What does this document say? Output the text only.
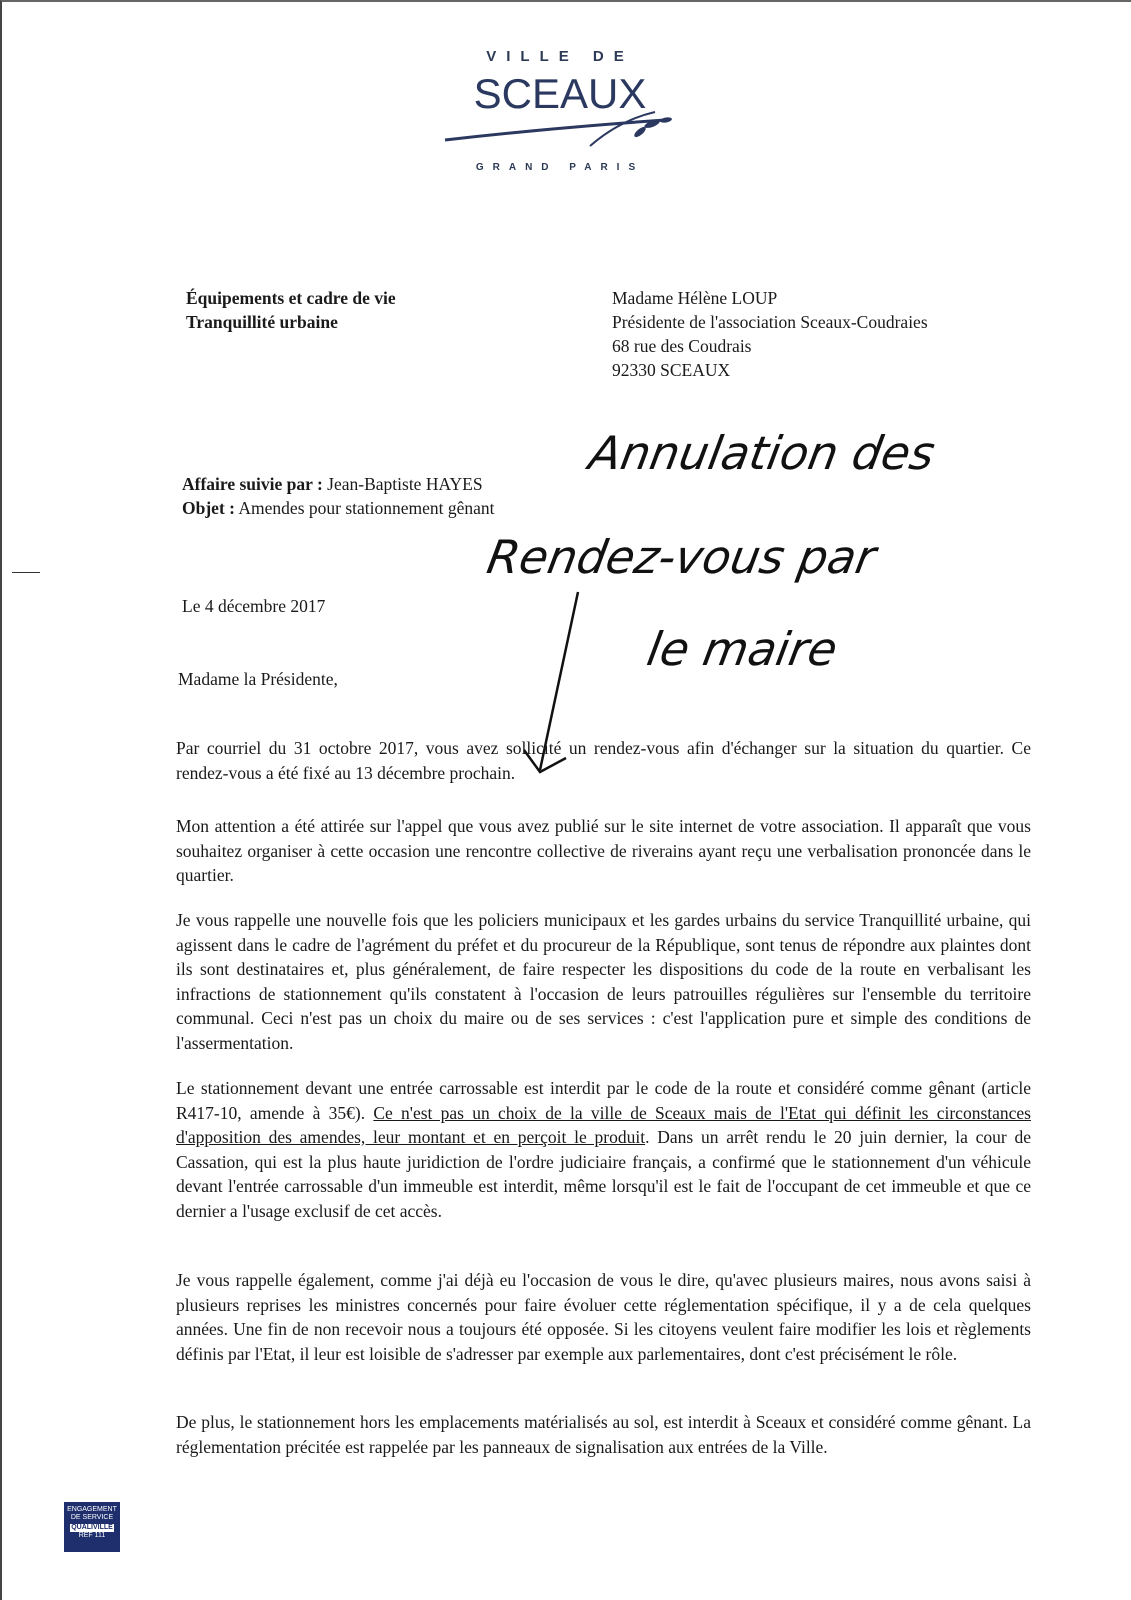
VILLE DE
SCEAUX
GRAND PARIS
Équipements et cadre de vie
Tranquillité urbaine
Madame Hélène LOUP
Présidente de l'association Sceaux-Coudraies
68 rue des Coudrais
92330 SCEAUX
Affaire suivie par : Jean-Baptiste HAYES
Objet : Amendes pour stationnement gênant
Annulation des
Rendez-vous par
le maire
Le 4 décembre 2017
Madame la Présidente,
Par courriel du 31 octobre 2017, vous avez sollicité un rendez-vous afin d'échanger sur la situation du quartier. Ce rendez-vous a été fixé au 13 décembre prochain.
Mon attention a été attirée sur l'appel que vous avez publié sur le site internet de votre association. Il apparaît que vous souhaitez organiser à cette occasion une rencontre collective de riverains ayant reçu une verbalisation prononcée dans le quartier.
Je vous rappelle une nouvelle fois que les policiers municipaux et les gardes urbains du service Tranquillité urbaine, qui agissent dans le cadre de l'agrément du préfet et du procureur de la République, sont tenus de répondre aux plaintes dont ils sont destinataires et, plus généralement, de faire respecter les dispositions du code de la route en verbalisant les infractions de stationnement qu'ils constatent à l'occasion de leurs patrouilles régulières sur l'ensemble du territoire communal. Ceci n'est pas un choix du maire ou de ses services : c'est l'application pure et simple des conditions de l'assermentation.
Le stationnement devant une entrée carrossable est interdit par le code de la route et considéré comme gênant (article R417-10, amende à 35€). Ce n'est pas un choix de la ville de Sceaux mais de l'Etat qui définit les circonstances d'apposition des amendes, leur montant et en perçoit le produit. Dans un arrêt rendu le 20 juin dernier, la cour de Cassation, qui est la plus haute juridiction de l'ordre judiciaire français, a confirmé que le stationnement d'un véhicule devant l'entrée carrossable d'un immeuble est interdit, même lorsqu'il est le fait de l'occupant de cet immeuble et que ce dernier a l'usage exclusif de cet accès.
Je vous rappelle également, comme j'ai déjà eu l'occasion de vous le dire, qu'avec plusieurs maires, nous avons saisi à plusieurs reprises les ministres concernés pour faire évoluer cette réglementation spécifique, il y a de cela quelques années. Une fin de non recevoir nous a toujours été opposée. Si les citoyens veulent faire modifier les lois et règlements définis par l'Etat, il leur est loisible de s'adresser par exemple aux parlementaires, dont c'est précisément le rôle.
De plus, le stationnement hors les emplacements matérialisés au sol, est interdit à Sceaux et considéré comme gênant. La réglementation précitée est rappelée par les panneaux de signalisation aux entrées de la Ville.
ENGAGEMENT
DE SERVICE
QUALIVILLE
REF 111
